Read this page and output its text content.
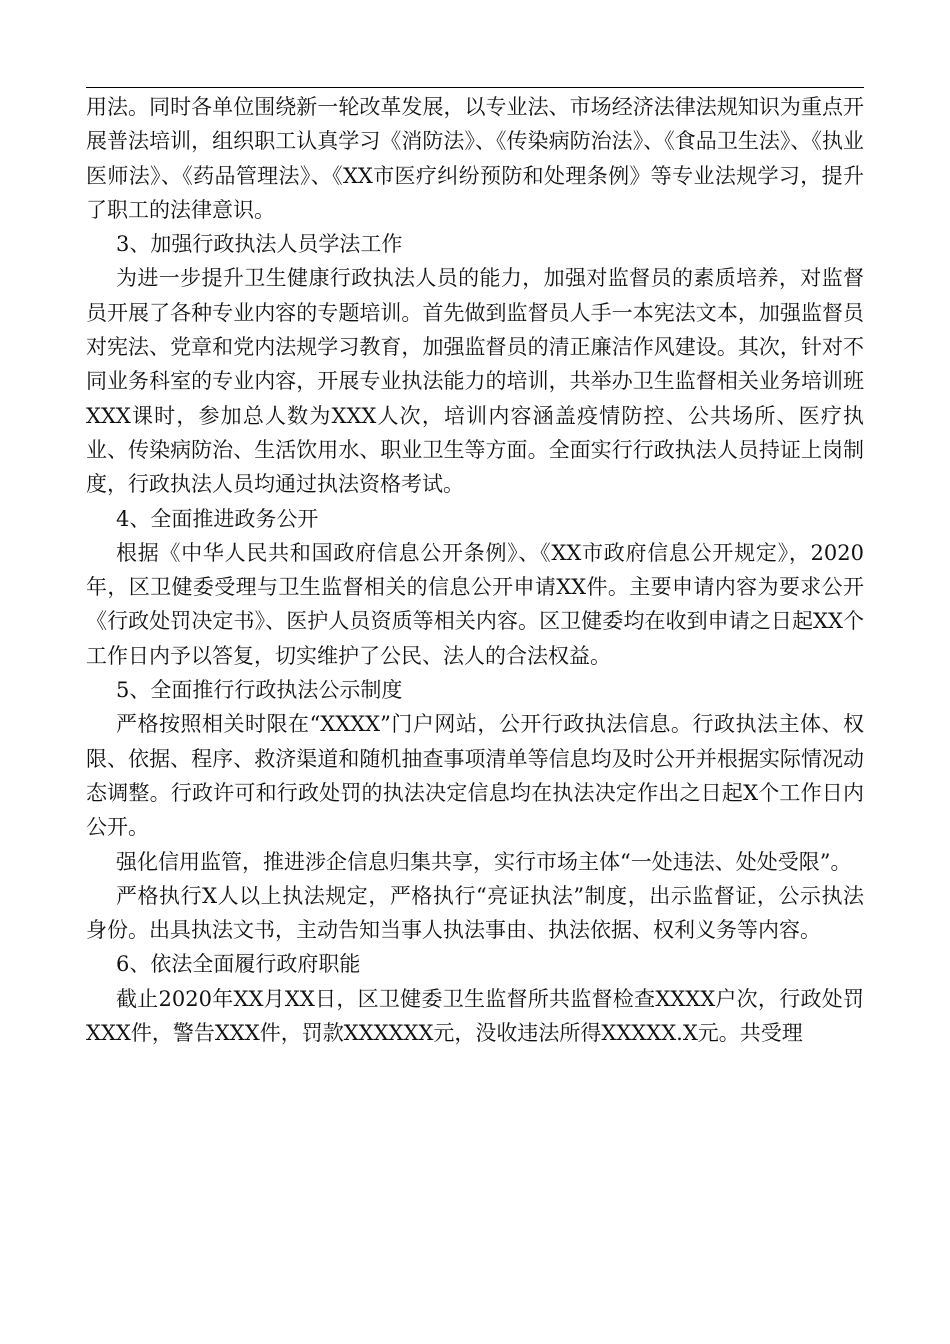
用法。同时各单位围绕新一轮改革发展，以专业法、市场经济法律法规知识为重点开展普法培训，组织职工认真学习《消防法》、《传染病防治法》、《食品卫生法》、《执业医师法》、《药品管理法》、《XX市医疗纠纷预防和处理条例》等专业法规学习，提升了职工的法律意识。

3、加强行政执法人员学法工作

为进一步提升卫生健康行政执法人员的能力，加强对监督员的素质培养，对监督员开展了各种专业内容的专题培训。首先做到监督员人手一本宪法文本，加强监督员对宪法、党章和党内法规学习教育，加强监督员的清正廉洁作风建设。其次，针对不同业务科室的专业内容，开展专业执法能力的培训，共举办卫生监督相关业务培训班XXX课时，参加总人数为XXX人次，培训内容涵盖疫情防控、公共场所、医疗执业、传染病防治、生活饮用水、职业卫生等方面。全面实行行政执法人员持证上岗制度，行政执法人员均通过执法资格考试。

4、全面推进政务公开

根据《中华人民共和国政府信息公开条例》、《XX市政府信息公开规定》，2020年，区卫健委受理与卫生监督相关的信息公开申请XX件。主要申请内容为要求公开《行政处罚决定书》、医护人员资质等相关内容。区卫健委均在收到申请之日起XX个工作日内予以答复，切实维护了公民、法人的合法权益。

5、全面推行行政执法公示制度

严格按照相关时限在“XXXX”门户网站，公开行政执法信息。行政执法主体、权限、依据、程序、救济渠道和随机抽查事项清单等信息均及时公开并根据实际情况动态调整。行政许可和行政处罚的执法决定信息均在执法决定作出之日起X个工作日内公开。

强化信用监管，推进涉企信息归集共享，实行市场主体“一处违法、处处受限”。

严格执行X人以上执法规定，严格执行“亮证执法”制度，出示监督证，公示执法身份。出具执法文书，主动告知当事人执法事由、执法依据、权利义务等内容。

6、依法全面履行政府职能

截止2020年XX月XX日，区卫健委卫生监督所共监督检查XXXX户次，行政处罚XXX件，警告XXX件，罚款XXXXXX元，没收违法所得XXXXX.X元。共受理
